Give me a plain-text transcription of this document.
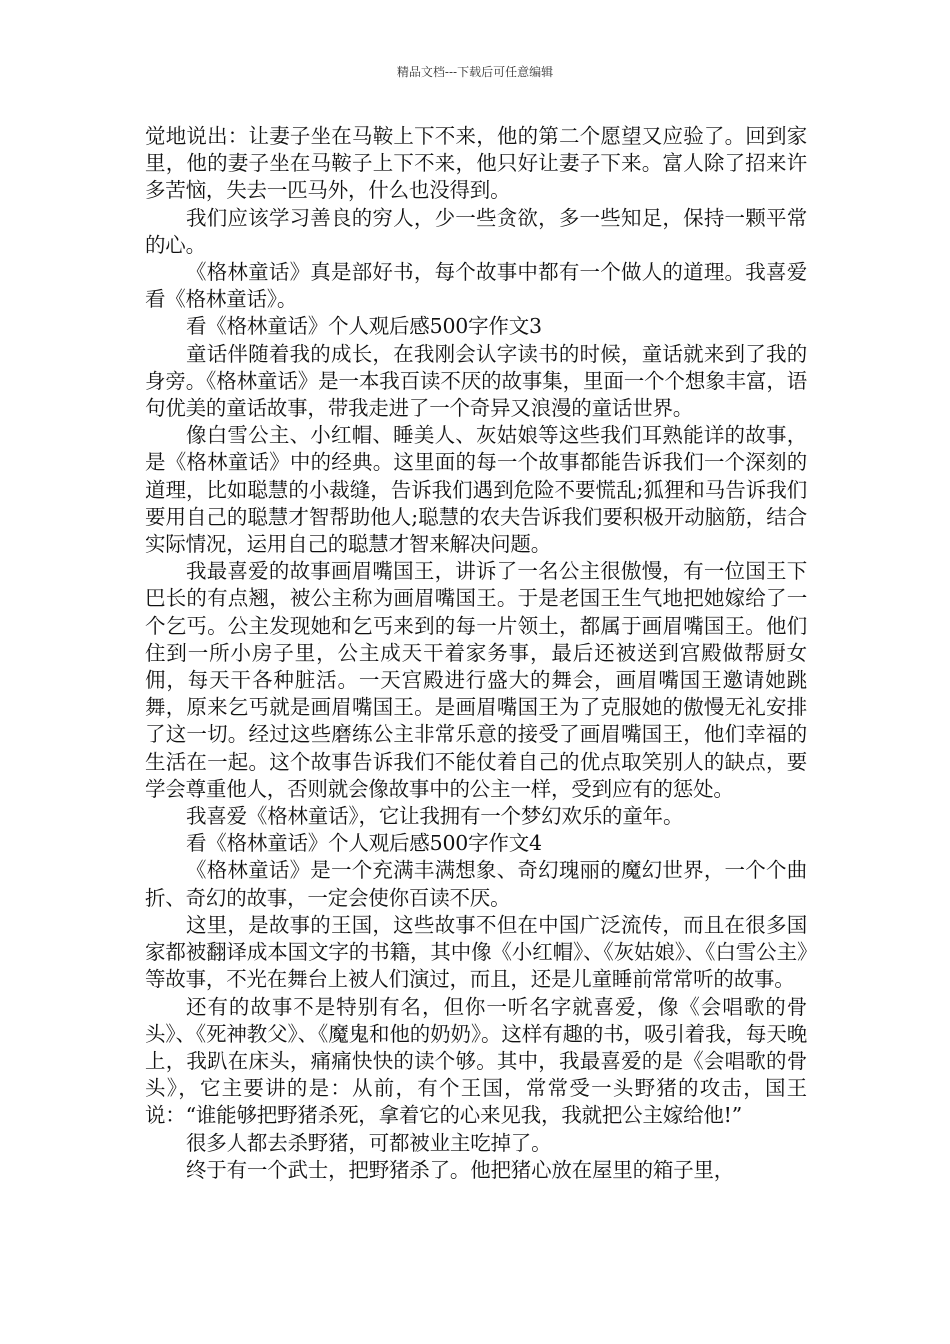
精品文档---下载后可任意编辑

觉地说出：让妻子坐在马鞍上下不来，他的第二个愿望又应验了。回到家里，他的妻子坐在马鞍子上下不来，他只好让妻子下来。富人除了招来许多苦恼，失去一匹马外，什么也没得到。

我们应该学习善良的穷人，少一些贪欲，多一些知足，保持一颗平常的心。

《格林童话》真是部好书，每个故事中都有一个做人的道理。我喜爱看《格林童话》。

看《格林童话》个人观后感500字作文3

童话伴随着我的成长，在我刚会认字读书的时候，童话就来到了我的身旁。《格林童话》是一本我百读不厌的故事集，里面一个个想象丰富，语句优美的童话故事，带我走进了一个奇异又浪漫的童话世界。

像白雪公主、小红帽、睡美人、灰姑娘等这些我们耳熟能详的故事，是《格林童话》中的经典。这里面的每一个故事都能告诉我们一个深刻的道理，比如聪慧的小裁缝，告诉我们遇到危险不要慌乱;狐狸和马告诉我们要用自己的聪慧才智帮助他人;聪慧的农夫告诉我们要积极开动脑筋，结合实际情况，运用自己的聪慧才智来解决问题。

我最喜爱的故事画眉嘴国王，讲诉了一名公主很傲慢，有一位国王下巴长的有点翘，被公主称为画眉嘴国王。于是老国王生气地把她嫁给了一个乞丐。公主发现她和乞丐来到的每一片领土，都属于画眉嘴国王。他们住到一所小房子里，公主成天干着家务事，最后还被送到宫殿做帮厨女佣，每天干各种脏活。一天宫殿进行盛大的舞会，画眉嘴国王邀请她跳舞，原来乞丐就是画眉嘴国王。是画眉嘴国王为了克服她的傲慢无礼安排了这一切。经过这些磨练公主非常乐意的接受了画眉嘴国王，他们幸福的生活在一起。这个故事告诉我们不能仗着自己的优点取笑别人的缺点，要学会尊重他人，否则就会像故事中的公主一样，受到应有的惩处。

我喜爱《格林童话》，它让我拥有一个梦幻欢乐的童年。

看《格林童话》个人观后感500字作文4

《格林童话》是一个充满丰满想象、奇幻瑰丽的魔幻世界，一个个曲折、奇幻的故事，一定会使你百读不厌。

这里，是故事的王国，这些故事不但在中国广泛流传，而且在很多国家都被翻译成本国文字的书籍，其中像《小红帽》、《灰姑娘》、《白雪公主》等故事，不光在舞台上被人们演过，而且，还是儿童睡前常常听的故事。

还有的故事不是特别有名，但你一听名字就喜爱，像《会唱歌的骨头》、《死神教父》、《魔鬼和他的奶奶》。这样有趣的书，吸引着我，每天晚上，我趴在床头，痛痛快快的读个够。其中，我最喜爱的是《会唱歌的骨头》，它主要讲的是：从前，有个王国，常常受一头野猪的攻击，国王说：“谁能够把野猪杀死，拿着它的心来见我，我就把公主嫁给他!”

很多人都去杀野猪，可都被业主吃掉了。

终于有一个武士，把野猪杀了。他把猪心放在屋里的箱子里，
